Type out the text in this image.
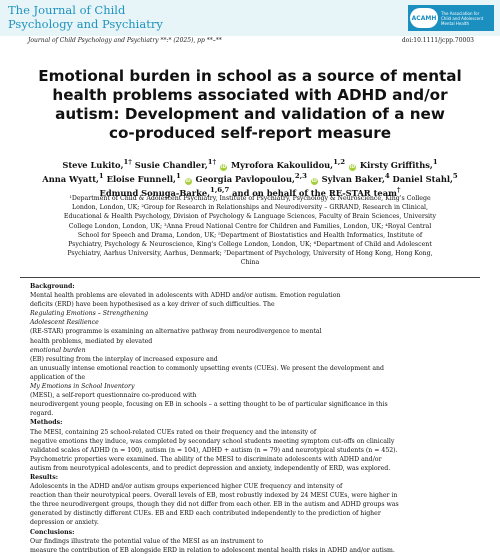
The Journal of Child
Psychology and Psychiatry	ACAMH
The Association for Child and Adolescent Mental Health
Journal of Child Psychology and Psychiatry **:* (2025), pp **–**	doi:10.1111/jcpp.70003
Emotional burden in school as a source of mental
health problems associated with ADHD and/or
autism: Development and validation of a new
co-produced self-report measure
Steve Lukito,$^{1\dagger}$ Susie Chandler,$^{1\dagger}$ iD Myrofora Kakoulidou,$^{1,2}$ iD Kirsty Griffiths,$^1$
Anna Wyatt,$^1$ Eloise Funnell,$^1$ iD Georgia Pavlopoulou,$^{2,3}$ iD Sylvan Baker,$^4$ Daniel Stahl,$^5$
Edmund Sonuga-Barke,$^{1,6,7}$ and on behalf of the RE-STAR team†
¹Department of Child & Adolescent Psychiatry, Institute of Psychiatry, Psychology & Neuroscience, King's College
London, London, UK; ²Group for Research in Relationships and Neurodiversity – GRRAND, Research in Clinical,
Educational & Health Psychology, Division of Psychology & Language Sciences, Faculty of Brain Sciences, University
College London, London, UK; ³Anna Freud National Centre for Children and Families, London, UK; ⁴Royal Central
School for Speech and Drama, London, UK; ⁵Department of Biostatistics and Health Informatics, Institute of
Psychiatry, Psychology & Neuroscience, King's College London, London, UK; ⁶Department of Child and Adolescent
Psychiatry, Aarhus University, Aarhus, Denmark; ⁷Department of Psychology, University of Hong Kong, Hong Kong,
China
Background:
Mental health problems are elevated in adolescents with ADHD and/or autism. Emotion regulation
deficits (ERD) have been hypothesised as a key driver of such difficulties. The
Regulating Emotions – Strengthening
Adolescent Resilience
(RE-STAR) programme is examining an alternative pathway from neurodivergence to mental
health problems, mediated by elevated
emotional burden
(EB) resulting from the interplay of increased exposure and
an unusually intense emotional reaction to commonly upsetting events (CUEs). We present the development and
application of the
My Emotions in School Inventory
(MESI), a self-report questionnaire co-produced with
neurodivergent young people, focusing on EB in schools – a setting thought to be of particular significance in this
regard.
Methods:
The MESI, containing 25 school-related CUEs rated on their frequency and the intensity of
negative emotions they induce, was completed by secondary school students meeting symptom cut-offs on clinically
validated scales of ADHD (n = 100), autism (n = 104), ADHD + autism (n = 79) and neurotypical students (n = 452).
Psychometric properties were examined. The ability of the MESI to discriminate adolescents with ADHD and/or
autism from neurotypical adolescents, and to predict depression and anxiety, independently of ERD, was explored.
Results:
Adolescents in the ADHD and/or autism groups experienced higher CUE frequency and intensity of
reaction than their neurotypical peers. Overall levels of EB, most robustly indexed by 24 MESI CUEs, were higher in
the three neurodivergent groups, though they did not differ from each other. EB in the autism and ADHD groups was
generated by distinctly different CUEs. EB and ERD each contributed independently to the prediction of higher
depression or anxiety.
Conclusions:
Our findings illustrate the potential value of the MESI as an instrument to
measure the contribution of EB alongside ERD in relation to adolescent mental health risks in ADHD and/or autism.
